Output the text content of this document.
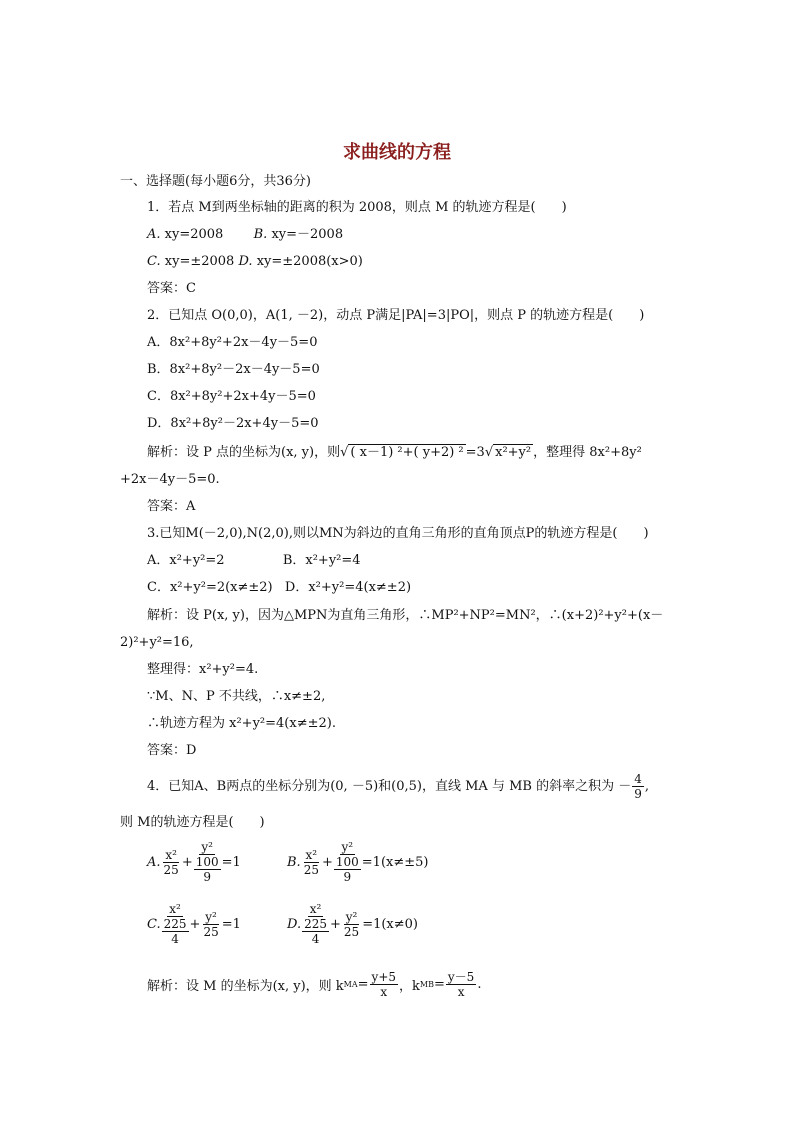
求曲线的方程
一、选择题(每小题6分，共36分)
1．若点 M到两坐标轴的距离的积为 2008，则点 M 的轨迹方程是(　　)
A. xy=2008 B. xy=－2008
C. xy=±2008 D. xy=±2008(x>0)
答案：C
2．已知点 O(0,0)，A(1, －2)，动点 P满足|PA|=3|PO|，则点 P 的轨迹方程是(　　)
A．8x²+8y²+2x－4y－5=0
B．8x²+8y²－2x－4y－5=0
C．8x²+8y²+2x+4y－5=0
D．8x²+8y²－2x+4y－5=0
解析：设 P 点的坐标为(x, y)，则√ ( x－1) ²+( y+2) ² =3√ x²+y² ，整理得 8x²+8y²
+2x－4y－5=0.
答案：A
3.已知M(－2,0),N(2,0),则以MN为斜边的直角三角形的直角顶点P的轨迹方程是(　　)
A．x²+y²=2	B．x²+y²=4
C．x²+y²=2(x≠±2) D．x²+y²=4(x≠±2)
解析：设 P(x, y)，因为△MPN为直角三角形，∴MP²+NP²=MN²，∴(x+2)²+y²+(x－
2)²+y²=16,
整理得：x²+y²=4.
∵M、N、P 不共线，∴x≠±2,
∴轨迹方程为 x²+y²=4(x≠±2).
答案：D
4．已知A、B两点的坐标分别为(0, －5)和(0,5)，直线 MA 与 MB 的斜率之积为 － $\frac{4}{9}$ ,
则 M的轨迹方程是(　　)
A. $\frac{\text{x²}}{25} + y^2$
100
9 =1	B. $\frac{\text{x²}}{25} + y^2$
100
9 =1(x≠±5)
C. x²
225
$4 + \frac{\text{y²}}{25} =1$	D. x²
225
$4 + \frac{\text{y²}}{25} =1(x\ne 0)$
解析：设 M 的坐标为(x, y)，则 k MA = $\frac{y+5}{x}$ ，k MB = $\frac{y-5}{x}$ .
